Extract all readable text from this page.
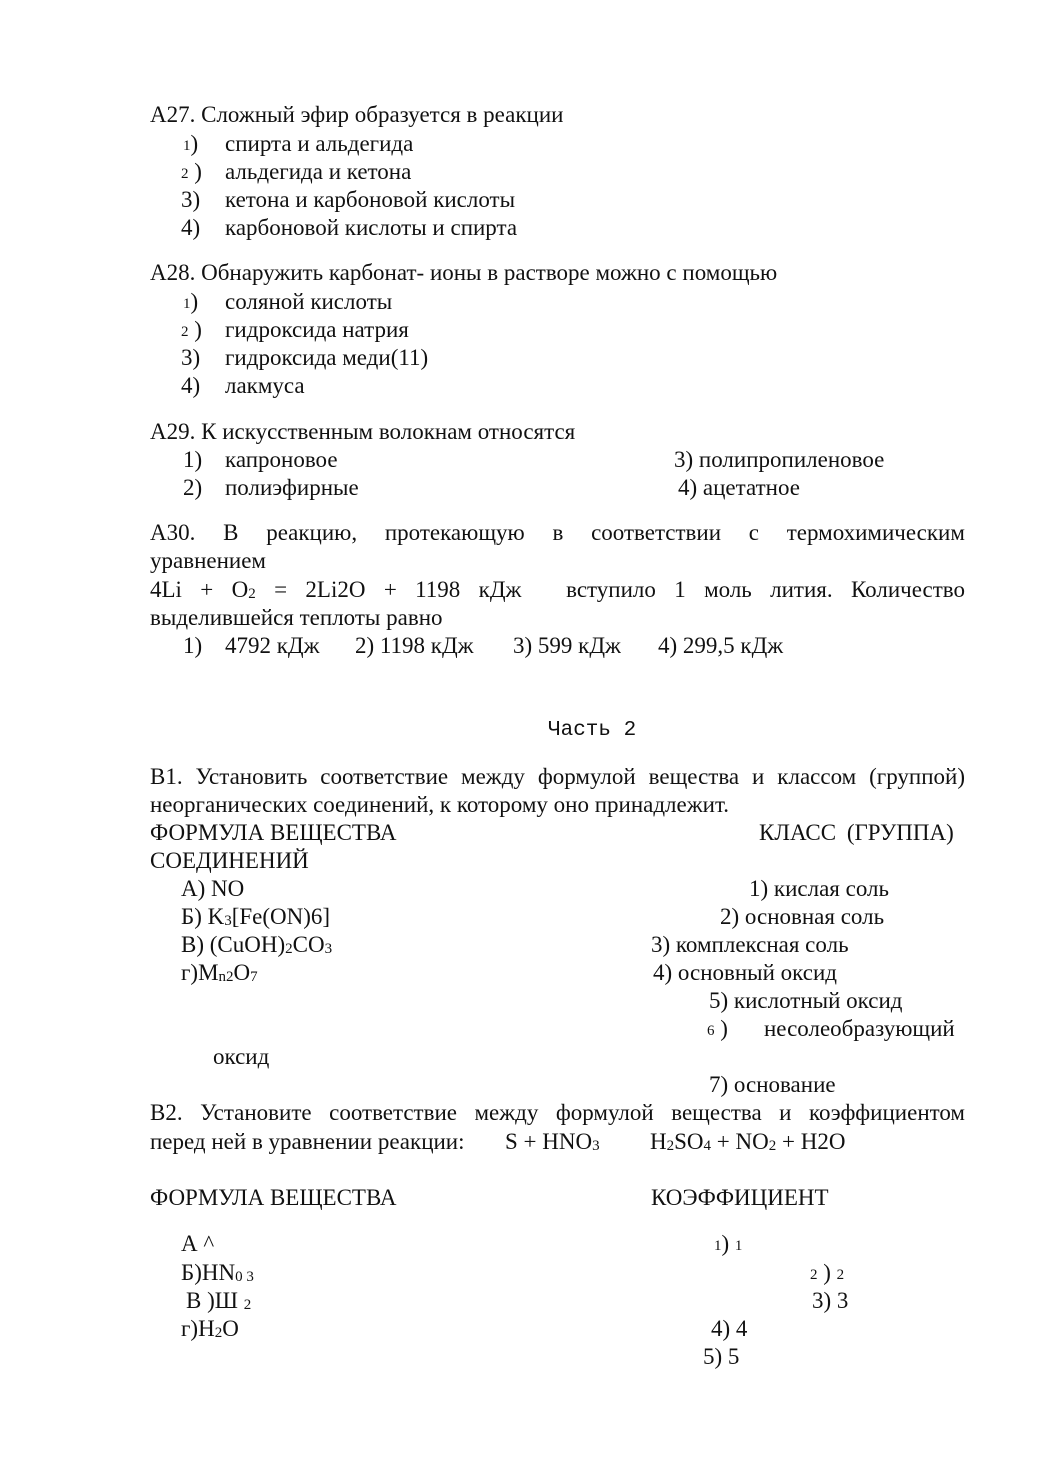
А27. Сложный эфир образуется в реакции
1) спирта и альдегида
2 ) альдегида и кетона
3) кетона и карбоновой кислоты
4) карбоновой кислоты и спирта
А28. Обнаружить карбонат- ионы в растворе можно с помощью
1) соляной кислоты
2 ) гидроксида натрия
3) гидроксида меди(11)
4) лакмуса
А29. К искусственным волокнам относятся
1) капроновое
2) полиэфирные
3) полипропиленовое
4) ацетатное
А30. В реакцию, протекающую в соответствии с термохимическим
уравнением
$4Li + O_2 = 2Li2O + 1198$ кДж вступило 1 моль лития. Количество
выделившейся теплоты равно
1) 4792 кДж 2) 1198 кДж 3) 599 кДж 4) 299,5 кДж
Часть 2
В1. Установить соответствие между формулой вещества и классом (группой)
неорганических соединений, к которому оно принадлежит.
ФОРМУЛА ВЕЩЕСТВА	КЛАСС (ГРУППА)
СОЕДИНЕНИЙ
А) NO
Б) $K_3[Fe(ON)6]$
В) $(CuOH)_2CO_3$
$г)M_{n2}O_7$
1) кислая соль
2) основная соль
3) комплексная соль
4) основный оксид
5) кислотный оксид
6 ) несолеобразующий
оксид
7) основание
В2. Установите соответствие между формулой вещества и коэффициентом
перед ней в уравнении реакции: $S + HNO_3$ $H_2SO_4 + NO_2 + H2O$
ФОРМУЛА ВЕЩЕСТВА	КОЭФФИЦИЕНТ
А ^
$Б)HN_{0 3}$
В )Ш $_2$
$г)H_2O$
1) 1
2 ) 2
3) 3
4) 4
5) 5
